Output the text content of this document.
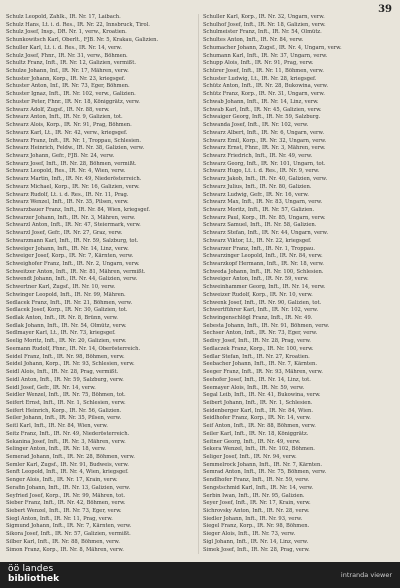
39
Schulz Leopold, Zahlk., IR. Nr. 17, Laibach.
Schulz Hans, Lt. i. d. Res., IR. Nr. 22, Innsbruck, Tirol.
Schulz Josef, Insp., DR. Nr. 1, verw., Kroatien.
Schunkowitsch Karl, Oberlt., FJB. Nr. 5, Krakau, Galizien.
Schuller Karl, Lt. i. d. Res., IR. Nr. 14, verw.
Schulz Josef, Fhnr., IR. Nr. 31, verw., Böhmen.
Schultz Franz, Inft., IR. Nr. 12, Galizien, vermißt.
Schulze Johann, Inf., IR. Nr. 17, Mähren, verw.
Schuster Johann, Korp., IR. Nr. 23, kriegsgef.
Schuster Anton, Inf., IR. Nr. 73, Eger, Böhmen.
Schuster Ignaz, Inft., IR. Nr. 102, verw., Galizien.
Schuster Peter, Fhnr., IR. Nr. 18, Königgrätz, verw.
Schwarz Adolf, Zugsf., IR. Nr. 88, verw.
Schwarz Anton, Inft., IR. Nr. 9, Galizien, tot.
Schwarz Alois, Korp., IR. Nr. 91, Prag, Böhmen.
Schwarz Karl, Lt., IR. Nr. 42, verw., kriegsgef.
Schwarz Franz, Inft., IR. Nr. 1, Troppau, Schlesien.
Schwarz Heinrich, Feldw., IR. Nr. 38, Galizien, verw.
Schwarz Johann, Gefr., FJB. Nr. 24, verw.
Schwarz Josef, Inft., IR. Nr. 28, Böhmen, vermißt.
Schwarz Leopold, Res., IR. Nr. 4, Wien, verw.
Schwarz Martin, Inft., IR. Nr. 49, Niederösterreich.
Schwarz Michael, Korp., IR. Nr. 16, Galizien, verw.
Schwarz Rudolf, Lt. i. d. Res., IR. Nr. 11, Prag.
Schwarz Wenzel, Inft., IR. Nr. 35, Pilsen, verw.
Schwarzbauer Franz, Inft., IR. Nr. 84, Wien, kriegsgef.
Schwarzer Johann, Inft., IR. Nr. 3, Mähren, verw.
Schwarzl Anton, Inft., IR. Nr. 47, Steiermark, verw.
Schwarzl Josef, Gefr., IR. Nr. 27, Graz, verw.
Schwarzmann Karl, Inft., IR. Nr. 59, Salzburg, tot.
Schweiger Johann, Inft., IR. Nr. 14, Linz, verw.
Schweiger Josef, Korp., IR. Nr. 7, Kärnten, verw.
Schweighofer Franz, Inft., IR. Nr. 2, Ungarn, verw.
Schweitzer Anton, Inft., IR. Nr. 81, Mähren, vermißt.
Schwendt Johann, Inft., IR. Nr. 44, Galizien, verw.
Schwertner Karl, Zugsf., IR. Nr. 10, verw.
Schwinger Leopold, Inft., IR. Nr. 99, Mähren.
Sedlacek Franz, Inft., IR. Nr. 21, Böhmen, verw.
Sedlacek Josef, Korp., IR. Nr. 30, Galizien, tot.
Sedlak Anton, Inft., IR. Nr. 8, Brünn, verw.
Sedlak Johann, Inft., IR. Nr. 54, Olmütz, verw.
Sedlmayer Karl, Lt., IR. Nr. 73, kriegsgef.
Seelig Moritz, Inft., IR. Nr. 20, Galizien, verw.
Seemann Rudolf, Fhnr., IR. Nr. 14, Oberösterreich.
Seidel Franz, Inft., IR. Nr. 98, Böhmen, verw.
Seidel Johann, Korp., IR. Nr. 93, Schlesien, verw.
Seidl Alois, Inft., IR. Nr. 28, Prag, vermißt.
Seidl Anton, Inft., IR. Nr. 59, Salzburg, verw.
Seidl Josef, Gefr., IR. Nr. 14, verw.
Seidler Wenzel, Inft., IR. Nr. 75, Böhmen, tot.
Seifert Ernst, Inft., IR. Nr. 1, Schlesien, verw.
Seifert Heinrich, Korp., IR. Nr. 56, Galizien.
Seiler Johann, Inft., IR. Nr. 35, Pilsen, verw.
Seitl Karl, Inft., IR. Nr. 84, Wien, verw.
Seitz Franz, Inft., IR. Nr. 49, Niederösterreich.
Sekanina Josef, Inft., IR. Nr. 3, Mähren, verw.
Selinger Anton, Inft., IR. Nr. 18, verw.
Semerad Johann, Inft., IR. Nr. 28, Böhmen, verw.
Semler Karl, Zugsf., IR. Nr. 91, Budweis, verw.
Senft Leopold, Inft., IR. Nr. 4, Wien, kriegsgef.
Senger Alois, Inft., IR. Nr. 17, Krain, verw.
Serafin Johann, Inft., IR. Nr. 13, Galizien, verw.
Seyfried Josef, Korp., IR. Nr. 99, Mähren, tot.
Sieber Franz, Inft., IR. Nr. 42, Böhmen, verw.
Siebert Wenzel, Inft., IR. Nr. 73, Eger, verw.
Siegl Anton, Inft., IR. Nr. 11, Prag, verw.
Sigmund Johann, Inft., IR. Nr. 7, Kärnten, verw.
Sikora Josef, Inft., IR. Nr. 57, Galizien, vermißt.
Silber Karl, Inft., IR. Nr. 88, Böhmen, verw.
Simon Franz, Korp., IR. Nr. 8, Mähren, verw.
Schuller Karl, Korp., IR. Nr. 32, Ungarn, verw.
Schulhof Josef, Inft., IR. Nr. 18, Galizien, verw.
Schulmeister Franz, Inft., IR. Nr. 54, Olmütz.
Schultes Anton, Inft., IR. Nr. 84, verw.
Schumacher Johann, Zugsf., IR. Nr. 4, Ungarn, verw.
Schumann Karl, Inft., IR. Nr. 37, Ungarn, verw.
Schupp Alois, Inft., IR. Nr. 91, Prag, verw.
Schürer Josef, Inft., IR. Nr. 11, Böhmen, verw.
Schuster Ludwig, Lt., IR. Nr. 28, kriegsgef.
Schütz Anton, Inft., IR. Nr. 28, Bukowina, verw.
Schütz Franz, Korp., IR. Nr. 31, Ungarn, verw.
Schwab Johann, Inft., IR. Nr. 14, Linz, verw.
Schwab Karl, Inft., IR. Nr. 45, Galizien, verw.
Schwaiger Georg, Inft., IR. Nr. 59, Salzburg.
Schwanda Josef, Inft., IR. Nr. 102, verw.
Schwarz Albert, Inft., IR. Nr. 6, Ungarn, verw.
Schwarz Emil, Korp., IR. Nr. 32, Ungarn, verw.
Schwarz Ernst, Fhnr., IR. Nr. 3, Mähren, verw.
Schwarz Friedrich, Inft., IR. Nr. 49, verw.
Schwarz Georg, Inft., IR. Nr. 101, Ungarn, tot.
Schwarz Hugo, Lt. i. d. Res., IR. Nr. 9, verw.
Schwarz Jakob, Inft., IR. Nr. 40, Galizien, verw.
Schwarz Julius, Inft., IR. Nr. 80, Galizien.
Schwarz Ludwig, Gefr., IR. Nr. 16, verw.
Schwarz Max, Inft., IR. Nr. 83, Ungarn, verw.
Schwarz Moritz, Inft., IR. Nr. 57, Galizien.
Schwarz Paul, Korp., IR. Nr. 85, Ungarn, verw.
Schwarz Samuel, Inft., IR. Nr. 58, Galizien.
Schwarz Stefan, Inft., IR. Nr. 44, Ungarn, verw.
Schwarz Viktor, Lt., IR. Nr. 22, kriegsgef.
Schwarzer Franz, Inft., IR. Nr. 1, Troppau.
Schwarzinger Leopold, Inft., IR. Nr. 84, verw.
Schwarzkopf Hermann, Inft., IR. Nr. 18, verw.
Schweda Johann, Inft., IR. Nr. 100, Schlesien.
Schweiger Anton, Inft., IR. Nr. 59, verw.
Schweinhammer Georg, Inft., IR. Nr. 14, verw.
Schweizer Rudolf, Korp., IR. Nr. 10, verw.
Schwenk Josef, Inft., IR. Nr. 90, Galizien, tot.
Schwertführer Karl, Inft., IR. Nr. 102, verw.
Schwingenschlögl Franz, Inft., IR. Nr. 49.
Sebesta Johann, Inft., IR. Nr. 91, Böhmen, verw.
Sechser Anton, Inft., IR. Nr. 73, Eger, verw.
Sedivy Josef, Inft., IR. Nr. 28, Prag, verw.
Sedlaczek Franz, Korp., IR. Nr. 100, verw.
Sedlar Stefan, Inft., IR. Nr. 27, Kroatien.
Seebacher Johann, Inft., IR. Nr. 7, Kärnten.
Seeger Franz, Inft., IR. Nr. 93, Mähren, verw.
Seehofer Josef, Inft., IR. Nr. 14, Linz, tot.
Seemayer Alois, Inft., IR. Nr. 59, verw.
Segal Leib, Inft., IR. Nr. 41, Bukowina, verw.
Seibert Johann, Inft., IR. Nr. 1, Schlesien.
Seidenberger Karl, Inft., IR. Nr. 84, Wien.
Seidlhofer Franz, Korp., IR. Nr. 14, verw.
Seif Anton, Inft., IR. Nr. 88, Böhmen, verw.
Seiler Karl, Inft., IR. Nr. 18, Königgrätz.
Seitner Georg, Inft., IR. Nr. 49, verw.
Sekera Wenzel, Inft., IR. Nr. 102, Böhmen.
Seliger Josef, Inft., IR. Nr. 94, verw.
Semmelrock Johann, Inft., IR. Nr. 7, Kärnten.
Semrad Anton, Inft., IR. Nr. 75, Böhmen, verw.
Sendlhofer Franz, Inft., IR. Nr. 59, verw.
Sengstschmid Karl, Inft., IR. Nr. 14, verw.
Serbin Iwan, Inft., IR. Nr. 95, Galizien.
Seyer Josef, Inft., IR. Nr. 17, Krain, verw.
Sichrovsky Anton, Inft., IR. Nr. 28, verw.
Siedler Johann, Inft., IR. Nr. 93, verw.
Siegel Franz, Korp., IR. Nr. 98, Böhmen.
Sieger Alois, Inft., IR. Nr. 73, verw.
Sigl Johann, Inft., IR. Nr. 14, Linz, verw.
Simek Josef, Inft., IR. Nr. 28, Prag, verw.
öö landes
bibliothek	intranda viewer
